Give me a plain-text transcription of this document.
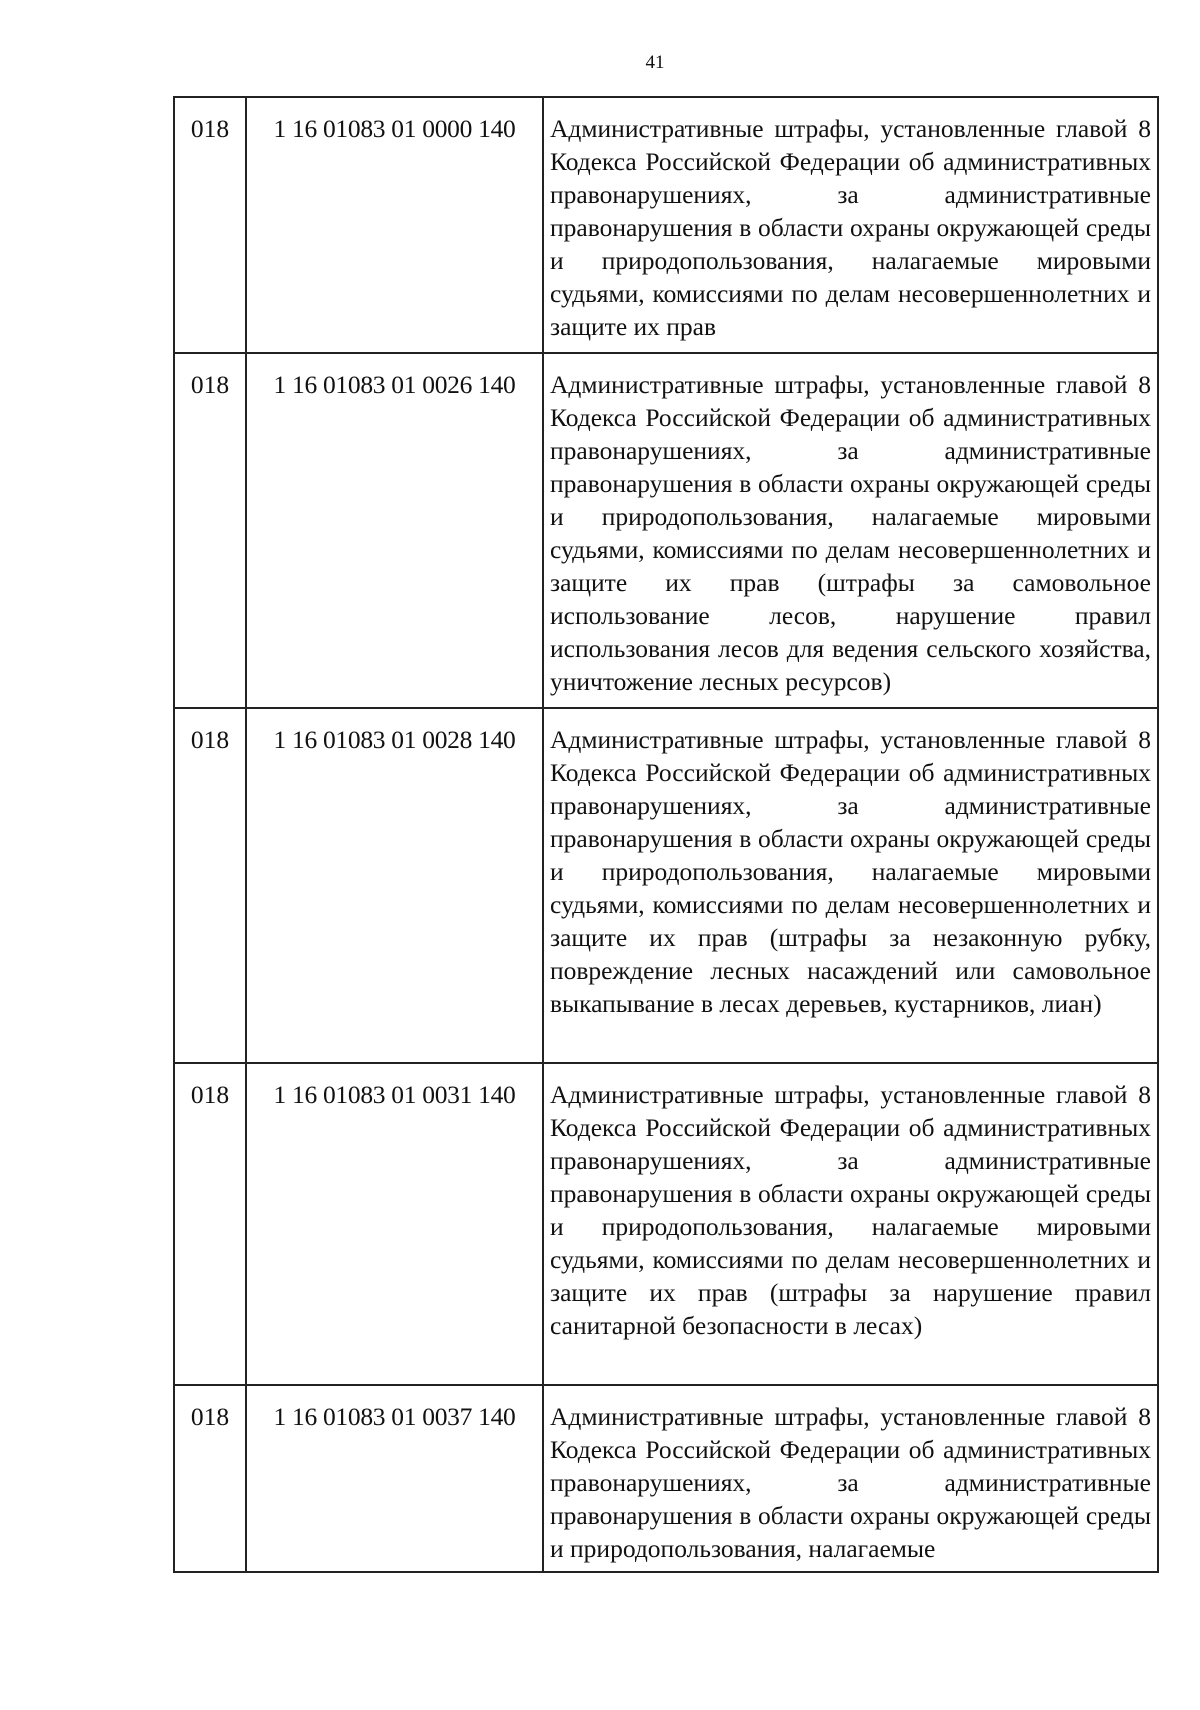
41
018	1 16 01083 01 0000 140	Административные штрафы, установленные главой 8 Кодекса Российской Федерации об административных правонарушениях, за административные правонарушения в области охраны окружающей среды и природопользования, налагаемые мировыми судьями, комиссиями по делам несовершеннолетних и защите их прав
018	1 16 01083 01 0026 140	Административные штрафы, установленные главой 8 Кодекса Российской Федерации об административных правонарушениях, за административные правонарушения в области охраны окружающей среды и природопользования, налагаемые мировыми судьями, комиссиями по делам несовершеннолетних и защите их прав (штрафы за самовольное использование лесов, нарушение правил использования лесов для ведения сельского хозяйства, уничтожение лесных ресурсов)
018	1 16 01083 01 0028 140	Административные штрафы, установленные главой 8 Кодекса Российской Федерации об административных правонарушениях, за административные правонарушения в области охраны окружающей среды и природопользования, налагаемые мировыми судьями, комиссиями по делам несовершеннолетних и защите их прав (штрафы за незаконную рубку, повреждение лесных насаждений или самовольное выкапывание в лесах деревьев, кустарников, лиан)
018	1 16 01083 01 0031 140	Административные штрафы, установленные главой 8 Кодекса Российской Федерации об административных правонарушениях, за административные правонарушения в области охраны окружающей среды и природопользования, налагаемые мировыми судьями, комиссиями по делам несовершеннолетних и защите их прав (штрафы за нарушение правил санитарной безопасности в лесах)
018	1 16 01083 01 0037 140	Административные штрафы, установленные главой 8 Кодекса Российской Федерации об административных правонарушениях, за административные правонарушения в области охраны окружающей среды и природопользования, налагаемые
